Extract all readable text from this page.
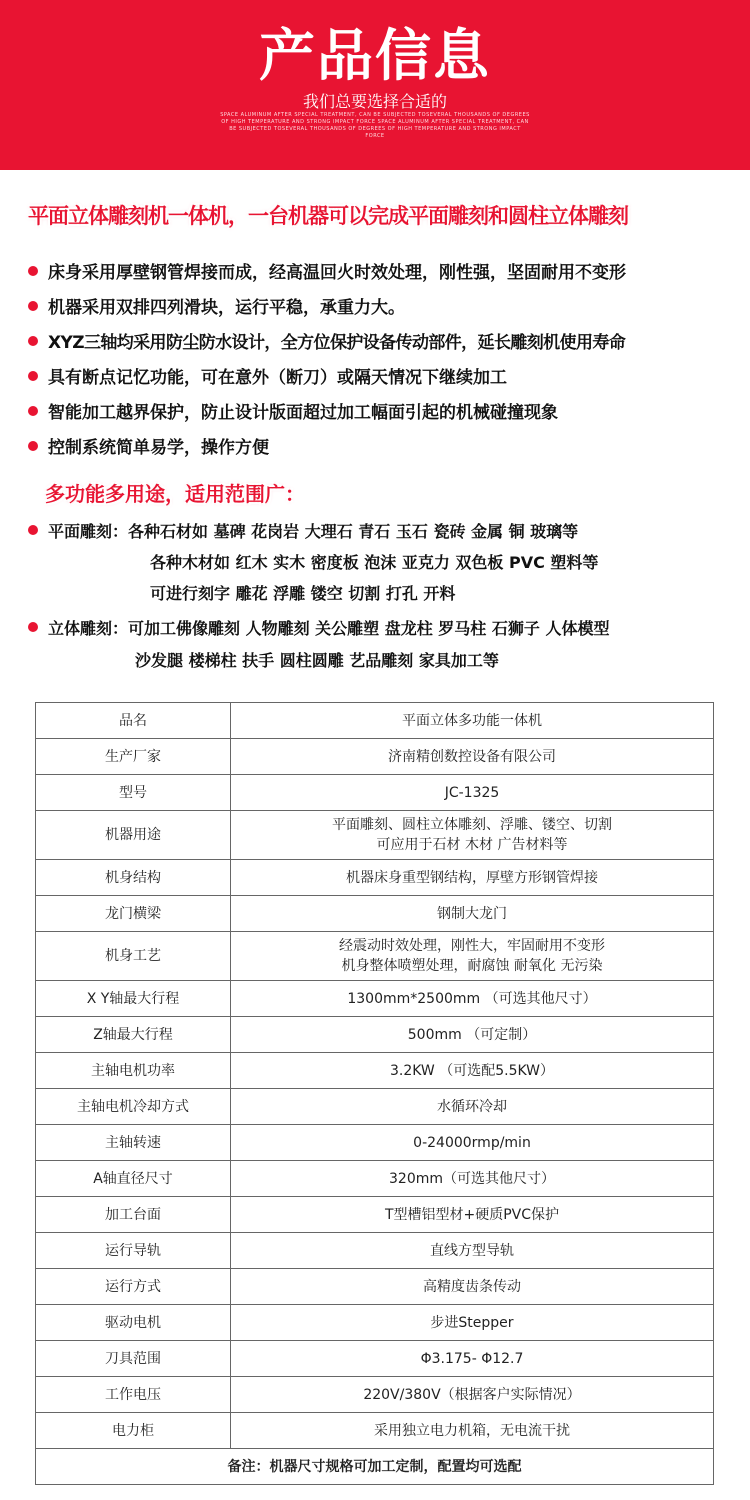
产品信息
我们总要选择合适的
SPACE ALUMINUM AFTER SPECIAL TREATMENT, CAN BE SUBJECTED TOSEVERAL THOUSANDS OF DEGREES OF HIGH TEMPERATURE AND STRONG IMPACT FORCE SPACE ALUMINUM AFTER SPECIAL TREATMENT, CAN BE SUBJECTED TOSEVERAL THOUSANDS OF DEGREES OF HIGH TEMPERATURE AND STRONG IMPACT FORCE
平面立体雕刻机一体机，一台机器可以完成平面雕刻和圆柱立体雕刻
床身采用厚壁钢管焊接而成，经高温回火时效处理，刚性强，坚固耐用不变形
机器采用双排四列滑块，运行平稳，承重力大。
XYZ三轴均采用防尘防水设计，全方位保护设备传动部件，延长雕刻机使用寿命
具有断点记忆功能，可在意外（断刀）或隔天情况下继续加工
智能加工越界保护，防止设计版面超过加工幅面引起的机械碰撞现象
控制系统简单易学，操作方便
多功能多用途，适用范围广：
平面雕刻： 各种石材如 墓碑 花岗岩 大理石 青石 玉石 瓷砖 金属 铜 玻璃等
各种木材如 红木 实木 密度板 泡沫 亚克力 双色板 PVC 塑料等
可进行刻字 雕花 浮雕 镂空 切割 打孔 开料
立体雕刻： 可加工佛像雕刻 人物雕刻 关公雕塑 盘龙柱 罗马柱 石狮子 人体模型
沙发腿 楼梯柱 扶手 圆柱圆雕 艺品雕刻 家具加工等
品名	平面立体多功能一体机
生产厂家	济南精创数控设备有限公司
型号	JC-1325
机器用途	平面雕刻、圆柱立体雕刻、浮雕、镂空、切割
可应用于石材 木材 广告材料等

机身结构	机器床身重型钢结构，厚壁方形钢管焊接
龙门横梁	钢制大龙门
机身工艺	经震动时效处理，刚性大，牢固耐用不变形
机身整体喷塑处理，耐腐蚀 耐氧化 无污染

X Y轴最大行程	1300mm*2500mm （可选其他尺寸）
Z轴最大行程	500mm （可定制）
主轴电机功率	3.2KW （可选配5.5KW）
主轴电机冷却方式	水循环冷却
主轴转速	0-24000rmp/min
A轴直径尺寸	320mm（可选其他尺寸）
加工台面	T型槽铝型材+硬质PVC保护
运行导轨	直线方型导轨
运行方式	高精度齿条传动
驱动电机	步进Stepper
刀具范围	Φ3.175- Φ12.7
工作电压	220V/380V（根据客户实际情况）
电力柜	采用独立电力机箱，无电流干扰
备注：机器尺寸规格可加工定制，配置均可选配	
